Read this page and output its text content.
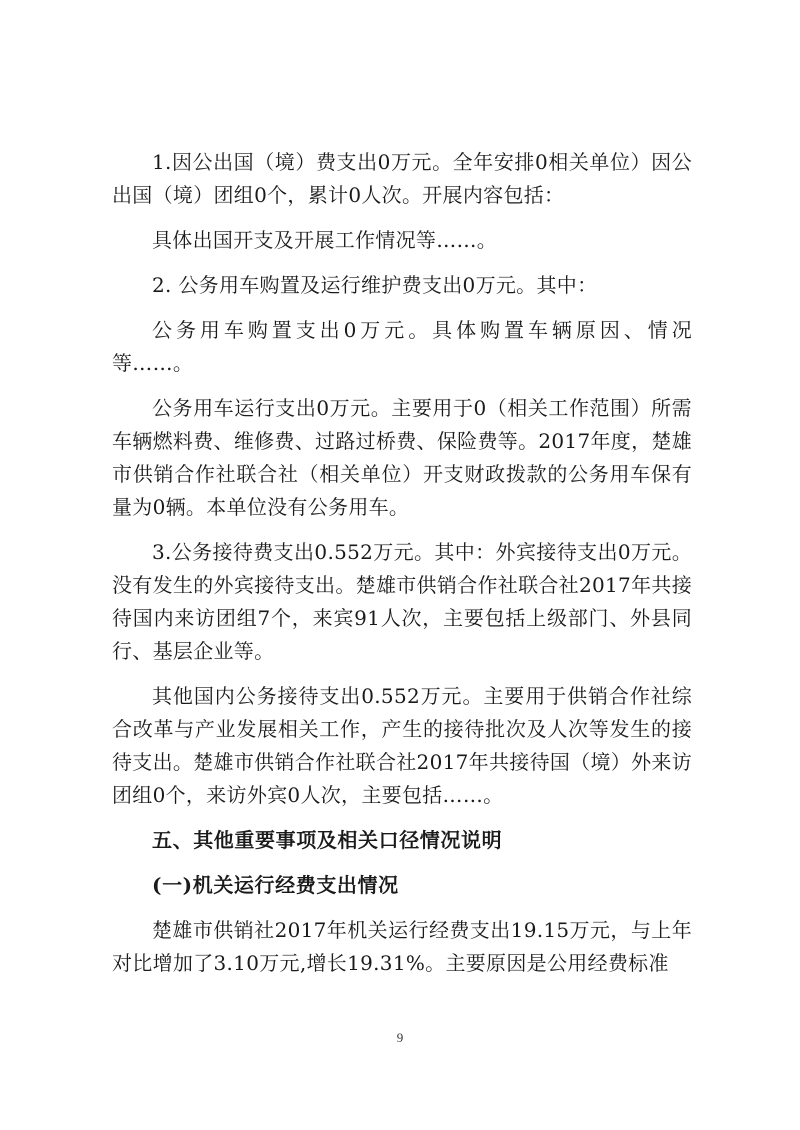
1.因公出国（境）费支出0万元。全年安排0相关单位）因公出国（境）团组0个，累计0人次。开展内容包括：

具体出国开支及开展工作情况等……。

2. 公务用车购置及运行维护费支出0万元。其中：

公务用车购置支出0万元。具体购置车辆原因、情况等……。

公务用车运行支出0万元。主要用于0（相关工作范围）所需车辆燃料费、维修费、过路过桥费、保险费等。2017年度，楚雄市供销合作社联合社（相关单位）开支财政拨款的公务用车保有量为0辆。本单位没有公务用车。

3.公务接待费支出0.552万元。其中：外宾接待支出0万元。没有发生的外宾接待支出。楚雄市供销合作社联合社2017年共接待国内来访团组7个，来宾91人次，主要包括上级部门、外县同行、基层企业等。

其他国内公务接待支出0.552万元。主要用于供销合作社综合改革与产业发展相关工作，产生的接待批次及人次等发生的接待支出。楚雄市供销合作社联合社2017年共接待国（境）外来访团组0个，来访外宾0人次，主要包括……。

五、其他重要事项及相关口径情况说明

(一)机关运行经费支出情况

楚雄市供销社2017年机关运行经费支出19.15万元，与上年对比增加了3.10万元,增长19.31%。主要原因是公用经费标准

9
